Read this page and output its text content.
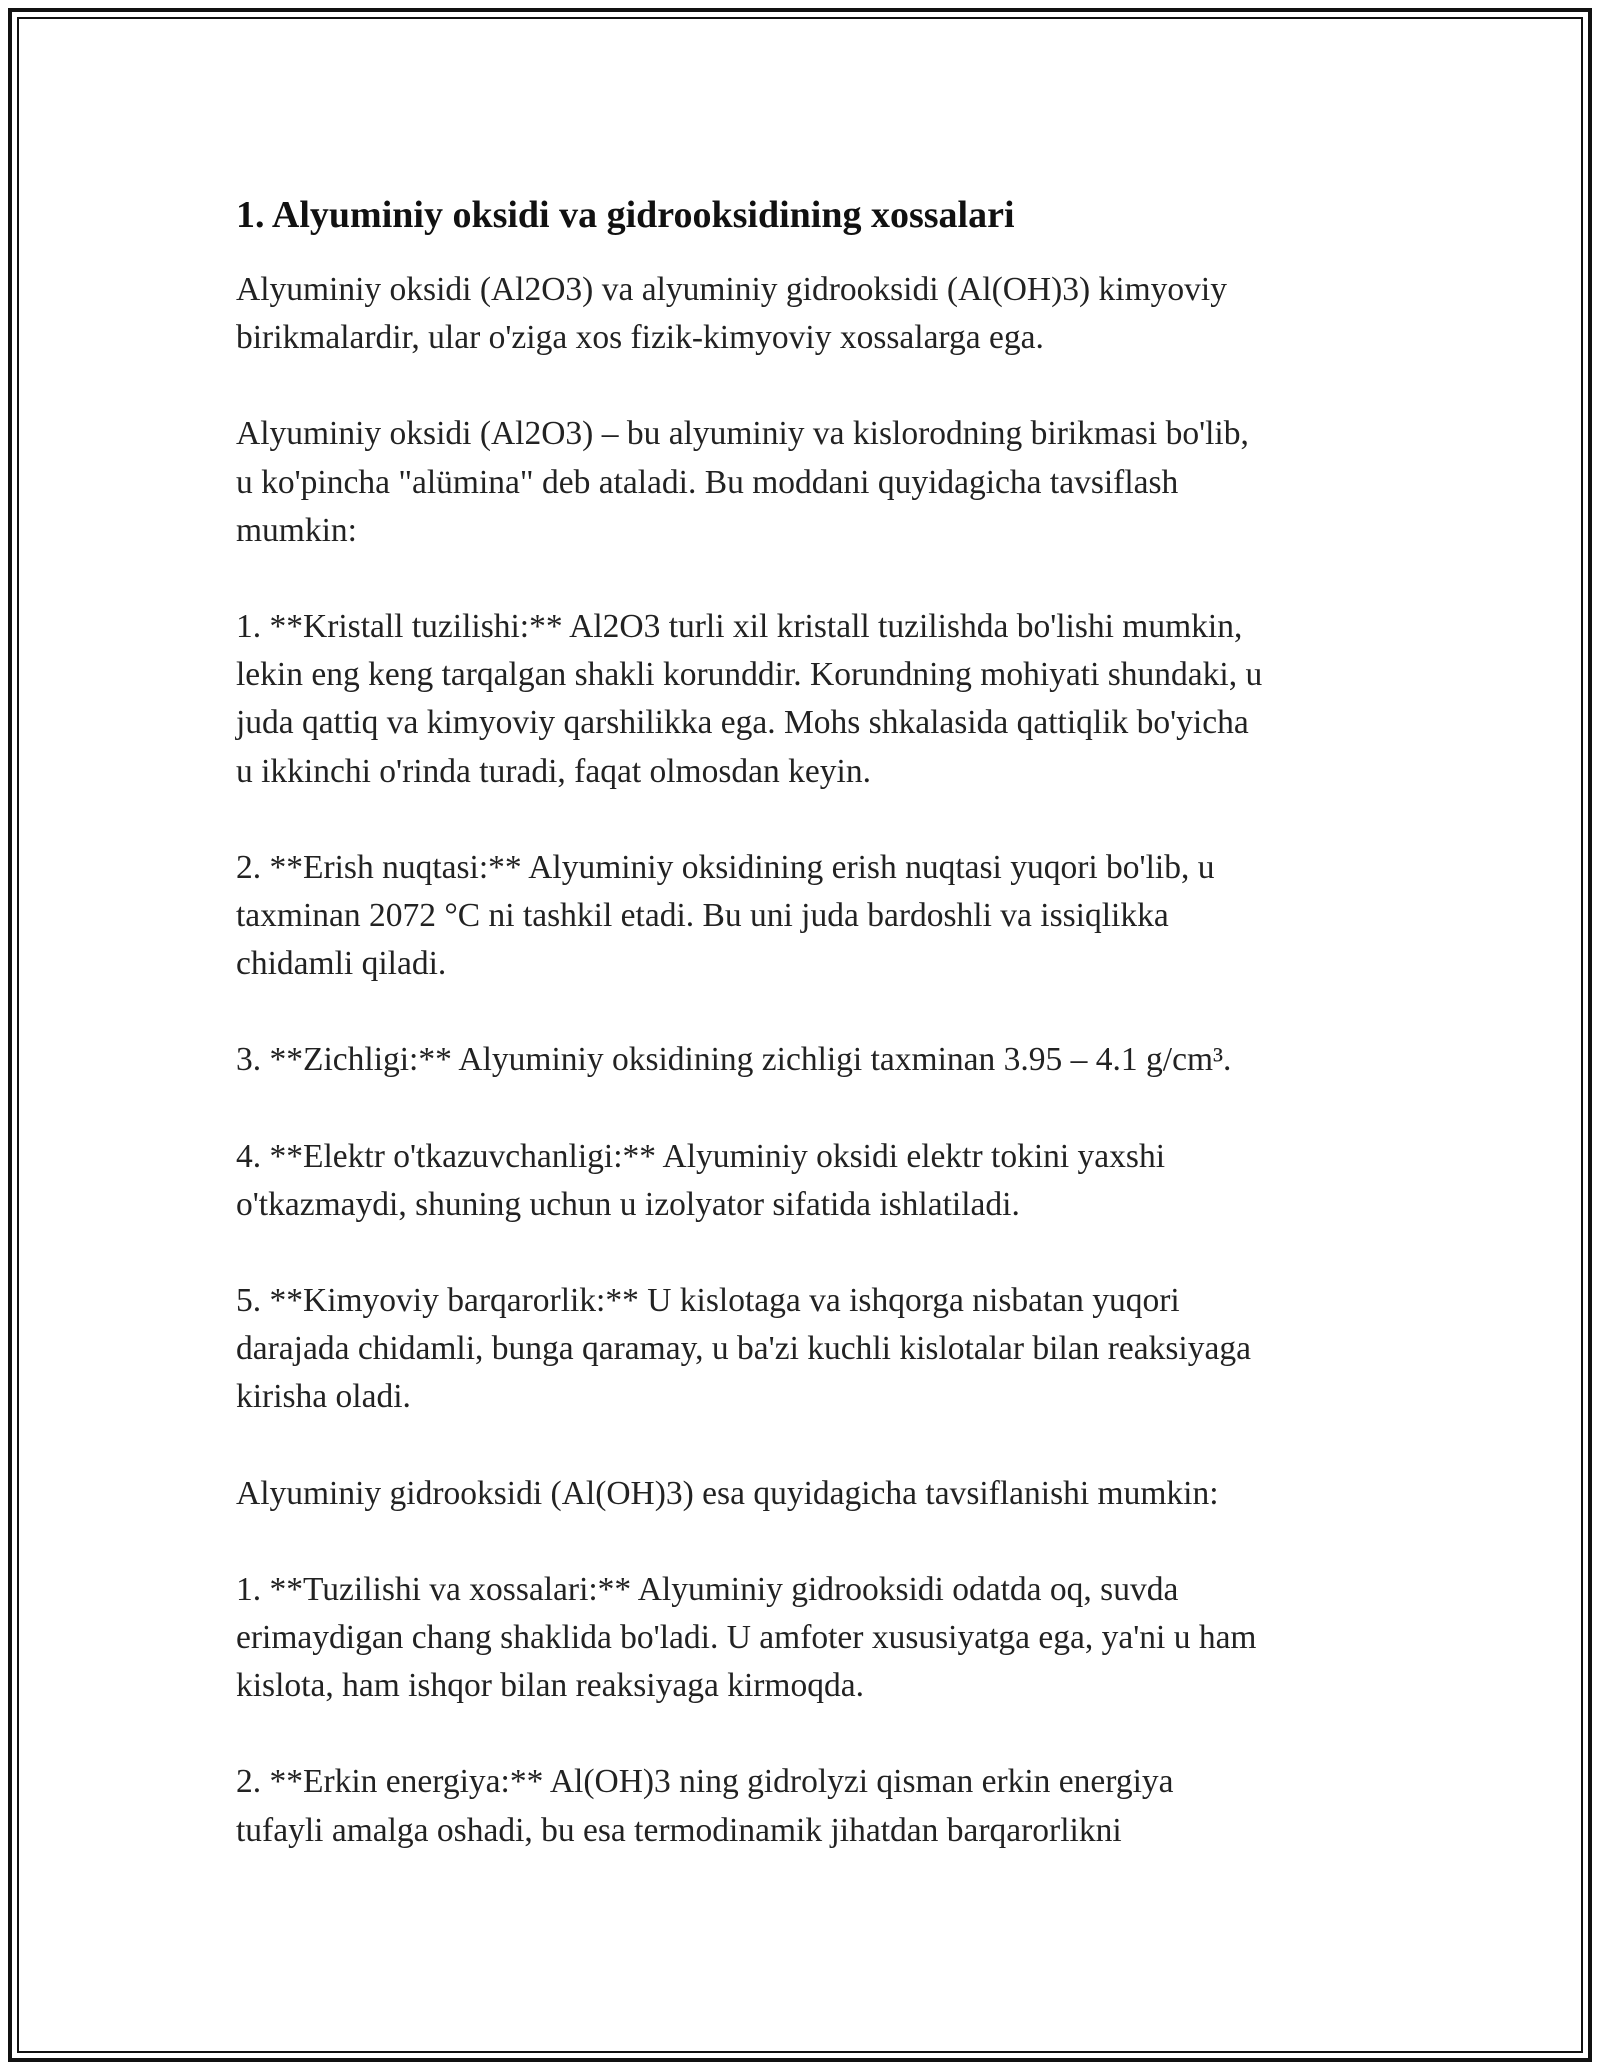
1. Alyuminiy oksidi va gidrooksidining xossalari

Alyuminiy oksidi (Al2O3) va alyuminiy gidrooksidi (Al(OH)3) kimyoviy
birikmalardir, ular o'ziga xos fizik-kimyoviy xossalarga ega.

Alyuminiy oksidi (Al2O3) – bu alyuminiy va kislorodning birikmasi bo'lib,
u ko'pincha "alümina" deb ataladi. Bu moddani quyidagicha tavsiflash
mumkin:

1. **Kristall tuzilishi:** Al2O3 turli xil kristall tuzilishda bo'lishi mumkin,
lekin eng keng tarqalgan shakli korunddir. Korundning mohiyati shundaki, u
juda qattiq va kimyoviy qarshilikka ega. Mohs shkalasida qattiqlik bo'yicha
u ikkinchi o'rinda turadi, faqat olmosdan keyin.

2. **Erish nuqtasi:** Alyuminiy oksidining erish nuqtasi yuqori bo'lib, u
taxminan 2072 °C ni tashkil etadi. Bu uni juda bardoshli va issiqlikka
chidamli qiladi.

3. **Zichligi:** Alyuminiy oksidining zichligi taxminan 3.95 – 4.1 g/cm³.

4. **Elektr o'tkazuvchanligi:** Alyuminiy oksidi elektr tokini yaxshi
o'tkazmaydi, shuning uchun u izolyator sifatida ishlatiladi.

5. **Kimyoviy barqarorlik:** U kislotaga va ishqorga nisbatan yuqori
darajada chidamli, bunga qaramay, u ba'zi kuchli kislotalar bilan reaksiyaga
kirisha oladi.

Alyuminiy gidrooksidi (Al(OH)3) esa quyidagicha tavsiflanishi mumkin:

1. **Tuzilishi va xossalari:** Alyuminiy gidrooksidi odatda oq, suvda
erimaydigan chang shaklida bo'ladi. U amfoter xususiyatga ega, ya'ni u ham
kislota, ham ishqor bilan reaksiyaga kirmoqda.

2. **Erkin energiya:** Al(OH)3 ning gidrolyzi qisman erkin energiya
tufayli amalga oshadi, bu esa termodinamik jihatdan barqarorlikni
